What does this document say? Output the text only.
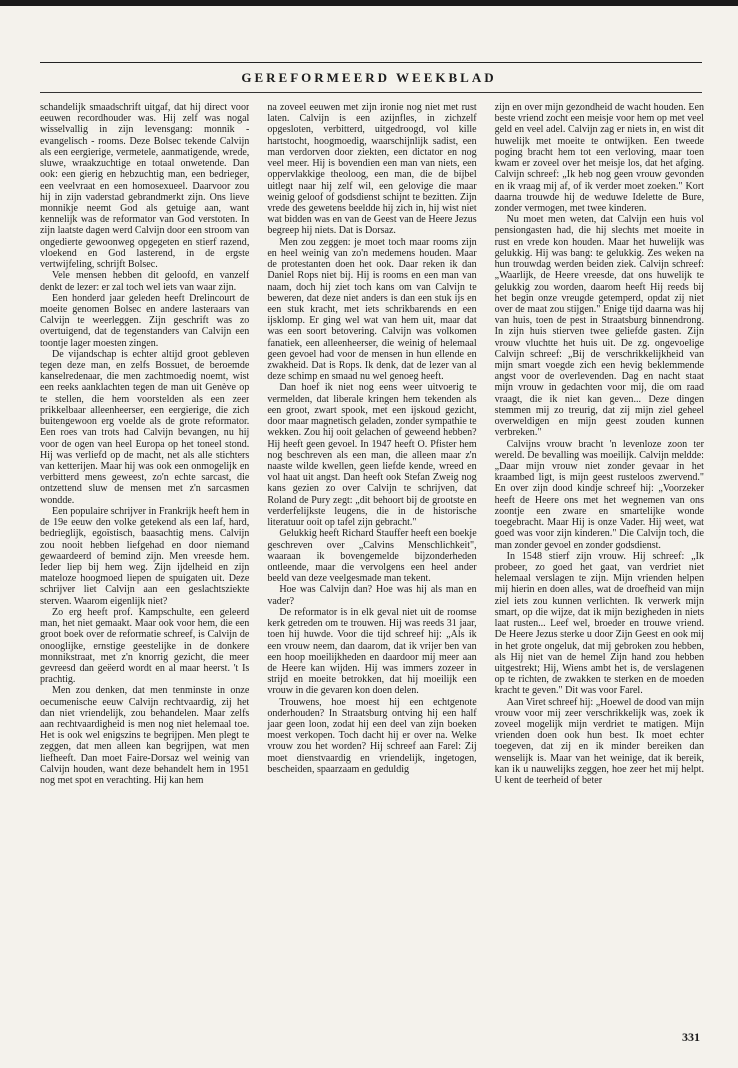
GEREFORMEERD WEEKBLAD

schandelijk smaadschrift uitgaf, dat hij direct voor eeuwen recordhouder was. Hij zelf was nogal wisselvallig in zijn levensgang: monnik - evangelisch - rooms. Deze Bolsec tekende Calvijn als een eergierige, vermetele, aanmatigende, wrede, sluwe, wraakzuchtige en totaal onwetende. Dan ook: een gierig en hebzuchtig man, een bedrieger, een veelvraat en een homosexueel. Daarvoor zou hij in zijn vaderstad gebrandmerkt zijn. Ons lieve monnikje neemt God als getuige aan, want kennelijk was de reformator van God verstoten. In zijn laatste dagen werd Calvijn door een stroom van ongedierte gewoonweg opgegeten en stierf razend, vloekend en God lasterend, in de ergste vertwijfeling, schrijft Bolsec.

Vele mensen hebben dit geloofd, en vanzelf denkt de lezer: er zal toch wel iets van waar zijn.

Een honderd jaar geleden heeft Drelincourt de moeite genomen Bolsec en andere lasteraars van Calvijn te weerleggen. Zijn geschrift was zo overtuigend, dat de tegenstanders van Calvijn een toontje lager moesten zingen.

De vijandschap is echter altijd groot gebleven tegen deze man, en zelfs Bossuet, de beroemde kanselredenaar, die men zachtmoedig noemt, wist een reeks aanklachten tegen de man uit Genève op te stellen, die hem voorstelden als een zeer prikkelbaar alleenheerser, een eergierige, die zich buitengewoon erg voelde als de grote reformator. Een roes van trots had Calvijn bevangen, nu hij voor de ogen van heel Europa op het toneel stond. Hij was verliefd op de macht, net als alle stichters van ketterijen. Maar hij was ook een onmogelijk en verbitterd mens geweest, zo'n echte sarcast, die ontzettend sluw de mensen met z'n sarcasmen wondde.

Een populaire schrijver in Frankrijk heeft hem in de 19e eeuw den volke getekend als een laf, hard, bedrieglijk, egoïstisch, baasachtig mens. Calvijn zou nooit hebben liefgehad en door niemand gewaardeerd of bemind zijn. Men vreesde hem. Ieder liep bij hem weg. Zijn ijdelheid en zijn mateloze hoogmoed liepen de spuigaten uit. Deze schrijver liet Calvijn aan een geslachtsziekte sterven. Waarom eigenlijk niet?

Zo erg heeft prof. Kampschulte, een geleerd man, het niet gemaakt. Maar ook voor hem, die een groot boek over de reformatie schreef, is Calvijn de onooglijke, ernstige geestelijke in de donkere monnikstraat, met z'n knorrig gezicht, die meer gevreesd dan geëerd wordt en al maar heerst. 't Is prachtig.

Men zou denken, dat men tenminste in onze oecumenische eeuw Calvijn rechtvaardig, zij het dan niet vriendelijk, zou behandelen. Maar zelfs aan rechtvaardigheid is men nog niet helemaal toe. Het is ook wel enigszins te begrijpen. Men plegt te zeggen, dat men alleen kan begrijpen, wat men liefheeft. Dan moet Faire-Dorsaz wel weinig van Calvijn houden, want deze behandelt hem in 1951 nog met spot en verachting. Hij kan hem

na zoveel eeuwen met zijn ironie nog niet met rust laten. Calvijn is een azijnfles, in zichzelf opgesloten, verbitterd, uitgedroogd, vol kille hartstocht, hoogmoedig, waarschijnlijk sadist, een man verdorven door ziekten, een dictator en nog veel meer. Hij is bovendien een man van niets, een oppervlakkige theoloog, een man, die de bijbel uitlegt naar hij zelf wil, een gelovige die maar weinig geloof of godsdienst schijnt te bezitten. Zijn vrede des gewetens beeldde hij zich in, hij wist niet wat bidden was en van de Geest van de Heere Jezus begreep hij niets. Dat is Dorsaz.

Men zou zeggen: je moet toch maar rooms zijn en heel weinig van zo'n medemens houden. Maar de protestanten doen het ook. Daar reken ik dan Daniel Rops niet bij. Hij is rooms en een man van naam, doch hij ziet toch kans om van Calvijn te beweren, dat deze niet anders is dan een stuk ijs en een stuk kracht, met iets schrikbarends en een ijsklomp. Er ging wel wat van hem uit, maar dat was een soort betovering. Calvijn was volkomen fanatiek, een alleenheerser, die weinig of helemaal geen gevoel had voor de mensen in hun ellende en zwakheid. Dat is Rops. Ik denk, dat de lezer van al deze schimp en smaad nu wel genoeg heeft.

Dan hoef ik niet nog eens weer uitvoerig te vermelden, dat liberale kringen hem tekenden als een groot, zwart spook, met een ijskoud gezicht, door maar magnetisch geladen, zonder sympathie te wekken. Zou hij ooit gelachen of geweend hebben? Hij heeft geen gevoel. In 1947 heeft O. Pfister hem nog beschreven als een man, die alleen maar z'n naaste wilde kwellen, geen liefde kende, wreed en vol haat uit angst. Dan heeft ook Stefan Zweig nog kans gezien zo over Calvijn te schrijven, dat Roland de Pury zegt: „dit behoort bij de grootste en verderfelijkste leugens, die in de historische literatuur ooit op tafel zijn gebracht."

Gelukkig heeft Richard Stauffer heeft een boekje geschreven over „Calvins Menschlichkeit", waaraan ik bovengemelde bijzonderheden ontleende, maar die vervolgens een heel ander beeld van deze veelgesmade man tekent.

Hoe was Calvijn dan? Hoe was hij als man en vader?

De reformator is in elk geval niet uit de roomse kerk getreden om te trouwen. Hij was reeds 31 jaar, toen hij huwde. Voor die tijd schreef hij: „Als ik een vrouw neem, dan daarom, dat ik vrijer ben van een hoop moeilijkheden en daardoor mij meer aan de Heere kan wijden. Hij was immers zozeer in strijd en moeite betrokken, dat hij moeilijk een vrouw in die gevaren kon doen delen.

Trouwens, hoe moest hij een echtgenote onderhouden? In Straatsburg ontving hij een half jaar geen loon, zodat hij een deel van zijn boeken moest verkopen. Toch dacht hij er over na. Welke vrouw zou het worden? Hij schreef aan Farel: Zij moet dienstvaardig en vriendelijk, ingetogen, bescheiden, spaarzaam en geduldig

zijn en over mijn gezondheid de wacht houden. Een beste vriend zocht een meisje voor hem op met veel geld en veel adel. Calvijn zag er niets in, en wist dit huwelijk met moeite te ontwijken. Een tweede poging bracht hem tot een verloving, maar toen kwam er zoveel over het meisje los, dat het afging. Calvijn schreef: „Ik heb nog geen vrouw gevonden en ik vraag mij af, of ik verder moet zoeken." Kort daarna trouwde hij de weduwe Idelette de Bure, zonder vermogen, met twee kinderen.

Nu moet men weten, dat Calvijn een huis vol pensiongasten had, die hij slechts met moeite in rust en vrede kon houden. Maar het huwelijk was gelukkig. Hij was bang: te gelukkig. Zes weken na hun trouwdag werden beiden ziek. Calvijn schreef: „Waarlijk, de Heere vreesde, dat ons huwelijk te gelukkig zou worden, daarom heeft Hij reeds bij het begin onze vreugde getemperd, opdat zij niet over de maat zou stijgen." Enige tijd daarna was hij van huis, toen de pest in Straatsburg binnendrong. In zijn huis stierven twee geliefde gasten. Zijn vrouw vluchtte het huis uit. De zg. ongevoelige Calvijn schreef: „Bij de verschrikkelijkheid van mijn smart voegde zich een hevig beklemmende angst voor de overlevenden. Dag en nacht staat mijn vrouw in gedachten voor mij, die om raad vraagt, die ik niet kan geven... Deze dingen stemmen mij zo treurig, dat zij mijn ziel geheel overweldigen en mijn geest zouden kunnen verbreken."

Calvijns vrouw bracht 'n levenloze zoon ter wereld. De bevalling was moeilijk. Calvijn meldde: „Daar mijn vrouw niet zonder gevaar in het kraambed ligt, is mijn geest rusteloos zwervend." En over zijn dood kindje schreef hij: „Voorzeker heeft de Heere ons met het wegnemen van ons zoontje een zware en smartelijke wonde toegebracht. Maar Hij is onze Vader. Hij weet, wat goed was voor zijn kinderen." Die Calvijn toch, die man zonder gevoel en zonder godsdienst.

In 1548 stierf zijn vrouw. Hij schreef: „Ik probeer, zo goed het gaat, van verdriet niet helemaal verslagen te zijn. Mijn vrienden helpen mij hierin en doen alles, wat de droefheid van mijn ziel iets zou kunnen verlichten. Ik verwerk mijn smart, op die wijze, dat ik mijn bezigheden in niets laat rusten... Leef wel, broeder en trouwe vriend. De Heere Jezus sterke u door Zijn Geest en ook mij in het grote ongeluk, dat mij gebroken zou hebben, als Hij niet van de hemel Zijn hand zou hebben uitgestrekt; Hij, Wiens ambt het is, de verslagenen op te richten, de zwakken te sterken en de moeden kracht te geven." Dit was voor Farel.

Aan Viret schreef hij: „Hoewel de dood van mijn vrouw voor mij zeer verschrikkelijk was, zoek ik zoveel mogelijk mijn verdriet te matigen. Mijn vrienden doen ook hun best. Ik moet echter toegeven, dat zij en ik minder bereiken dan wenselijk is. Maar van het weinige, dat ik bereik, kan ik u nauwelijks zeggen, hoe zeer het mij helpt. U kent de teerheid of beter

331
